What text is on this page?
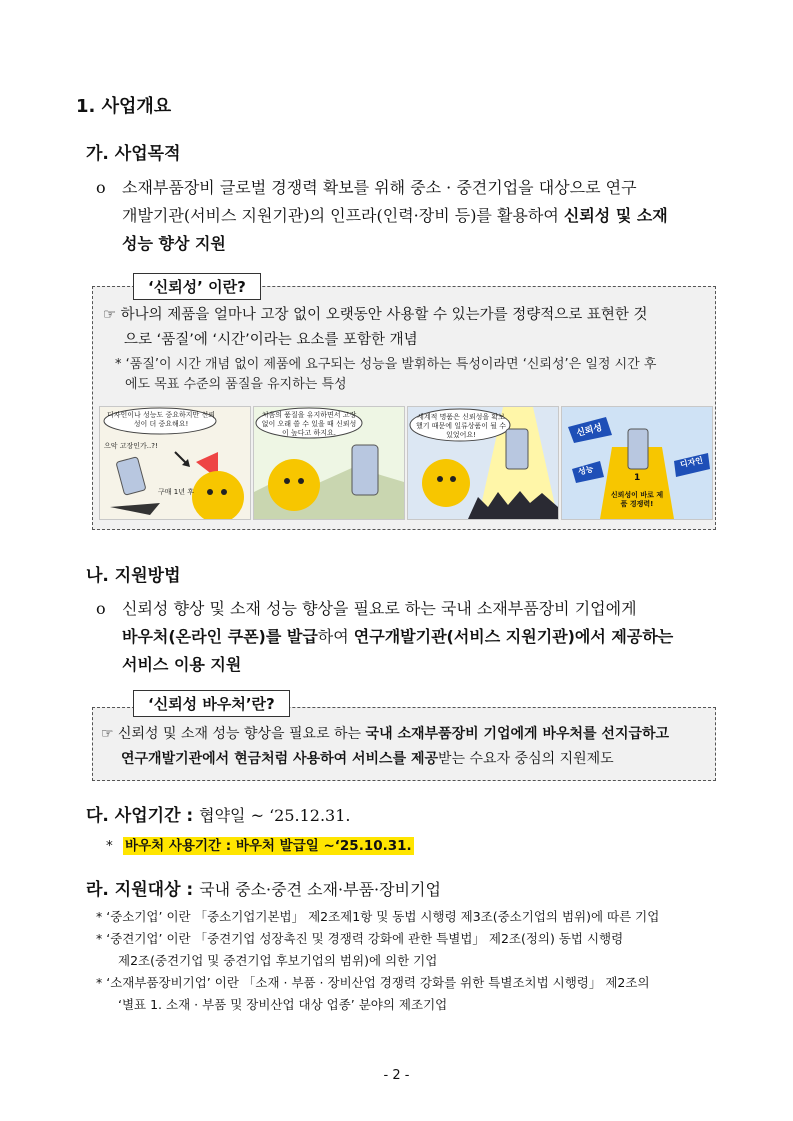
1. 사업개요
가. 사업목적
o 소재부품장비 글로벌 경쟁력 확보를 위해 중소 · 중견기업을 대상으로 연구
개발기관(서비스 지원기관)의 인프라(인력·장비 등)를 활용하여 신뢰성 및 소재
성능 향상 지원
☞ 하나의 제품을 얼마나 고장 없이 오랫동안 사용할 수 있는가를 정량적으로 표현한 것
으로 ‘품질’에 ‘시간’이라는 요소를 포함한 개념
* ‘품질’이 시간 개념 없이 제품에 요구되는 성능을 발휘하는 특성이라면 ‘신뢰성’은 일정 시간 후
에도 목표 수준의 품질을 유지하는 특성
‘신뢰성’ 이란?
디자인이나 성능도 중요하지만 신뢰성이 더 중요해요!
으악 고장인가..?!
구매 1년 후
처음의 품질을 유지하면서 고장없이 오래 쓸 수 있을 때 신뢰성이 높다고 하지요.
세계적 명품은 신뢰성을 확보했기 때문에 일류상품이 될 수 있었어요!	신뢰성
성능
디자인
1
신뢰성이 바로 제품 경쟁력!
나. 지원방법
o 신뢰성 향상 및 소재 성능 향상을 필요로 하는 국내 소재부품장비 기업에게
바우처(온라인 쿠폰)를 발급하여 연구개발기관(서비스 지원기관)에서 제공하는
서비스 이용 지원
☞ 신뢰성 및 소재 성능 향상을 필요로 하는 국내 소재부품장비 기업에게 바우처를 선지급하고
연구개발기관에서 현금처럼 사용하여 서비스를 제공받는 수요자 중심의 지원제도
‘신뢰성 바우처’란?
다. 사업기간 : 협약일 ~ ‘25.12.31.
* 바우처 사용기간 : 바우처 발급일 ~‘25.10.31.
라. 지원대상 : 국내 중소·중견 소재·부품·장비기업
* ‘중소기업’ 이란 「중소기업기본법」 제2조제1항 및 동법 시행령 제3조(중소기업의 범위)에 따른 기업
* ‘중견기업’ 이란 「중견기업 성장촉진 및 경쟁력 강화에 관한 특별법」 제2조(정의) 동법 시행령
제2조(중견기업 및 중견기업 후보기업의 범위)에 의한 기업
* ‘소재부품장비기업’ 이란 「소재 · 부품 · 장비산업 경쟁력 강화를 위한 특별조치법 시행령」 제2조의
‘별표 1. 소재 · 부품 및 장비산업 대상 업종’ 분야의 제조기업
- 2 -
